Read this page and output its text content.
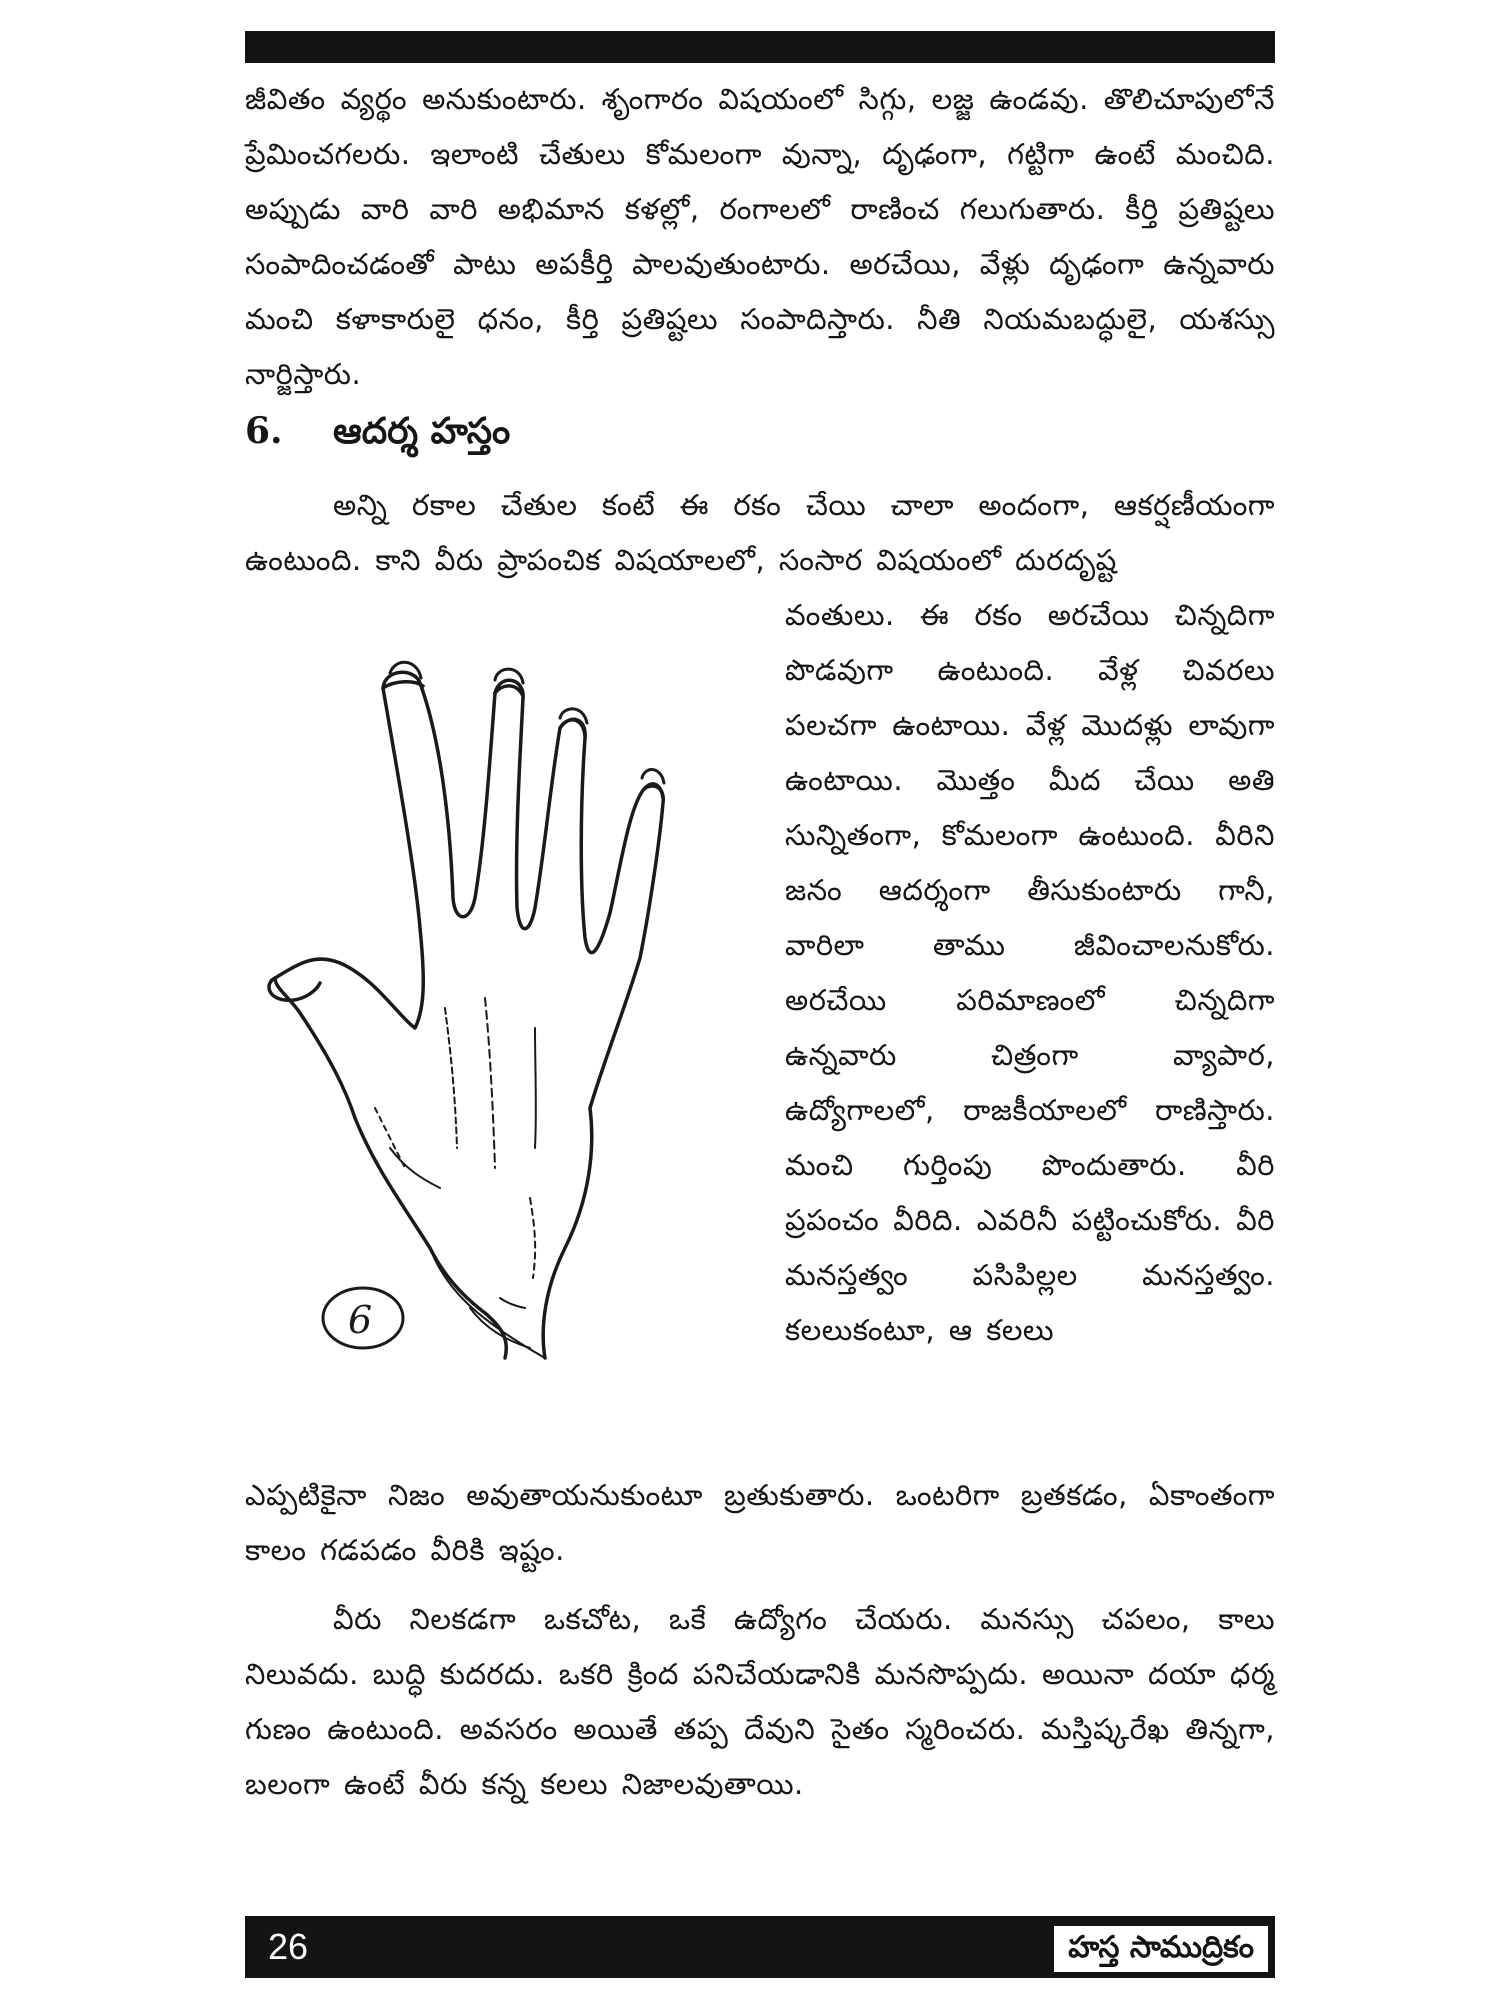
జీవితం వ్యర్థం అనుకుంటారు. శృంగారం విషయంలో సిగ్గు, లజ్జ ఉండవు. తొలిచూపులోనే ప్రేమించగలరు. ఇలాంటి చేతులు కోమలంగా వున్నా, దృఢంగా, గట్టిగా ఉంటే మంచిది. అప్పుడు వారి వారి అభిమాన కళల్లో, రంగాలలో రాణించ గలుగుతారు. కీర్తి ప్రతిష్టలు సంపాదించడంతో పాటు అపకీర్తి పాలవుతుంటారు. అరచేయి, వేళ్లు దృఢంగా ఉన్నవారు మంచి కళాకారులై ధనం, కీర్తి ప్రతిష్టలు సంపాదిస్తారు. నీతి నియమబద్ధులై, యశస్సు నార్జిస్తారు.

6.	ఆదర్శ హస్తం

అన్ని రకాల చేతుల కంటే ఈ రకం చేయి చాలా అందంగా, ఆకర్షణీయంగా ఉంటుంది. కాని వీరు ప్రాపంచిక విషయాలలో, సంసార విషయంలో దురదృష్ట

6

వంతులు. ఈ రకం అరచేయి చిన్నదిగా పొడవుగా ఉంటుంది. వేళ్ల చివరలు పలచగా ఉంటాయి. వేళ్ల మొదళ్లు లావుగా ఉంటాయి. మొత్తం మీద చేయి అతి సున్నితంగా, కోమలంగా ఉంటుంది. వీరిని జనం ఆదర్శంగా తీసుకుంటారు గానీ, వారిలా తాము జీవించాలనుకోరు. అరచేయి పరిమాణంలో చిన్నదిగా ఉన్నవారు చిత్రంగా వ్యాపార, ఉద్యోగాలలో, రాజకీయాలలో రాణిస్తారు. మంచి గుర్తింపు పొందుతారు. వీరి ప్రపంచం వీరిది. ఎవరినీ పట్టించుకోరు. వీరి మనస్తత్వం పసిపిల్లల మనస్తత్వం. కలలుకంటూ, ఆ కలలు

ఎప్పటికైనా నిజం అవుతాయనుకుంటూ బ్రతుకుతారు. ఒంటరిగా బ్రతకడం, ఏకాంతంగా కాలం గడపడం వీరికి ఇష్టం.

వీరు నిలకడగా ఒకచోట, ఒకే ఉద్యోగం చేయరు. మనస్సు చపలం, కాలు నిలువదు. బుద్ధి కుదరదు. ఒకరి క్రింద పనిచేయడానికి మనసొప్పదు. అయినా దయా ధర్మ గుణం ఉంటుంది. అవసరం అయితే తప్ప దేవుని సైతం స్మరించరు. మస్తిష్కరేఖ తిన్నగా, బలంగా ఉంటే వీరు కన్న కలలు నిజాలవుతాయి.

26	హస్త సాముద్రికం
